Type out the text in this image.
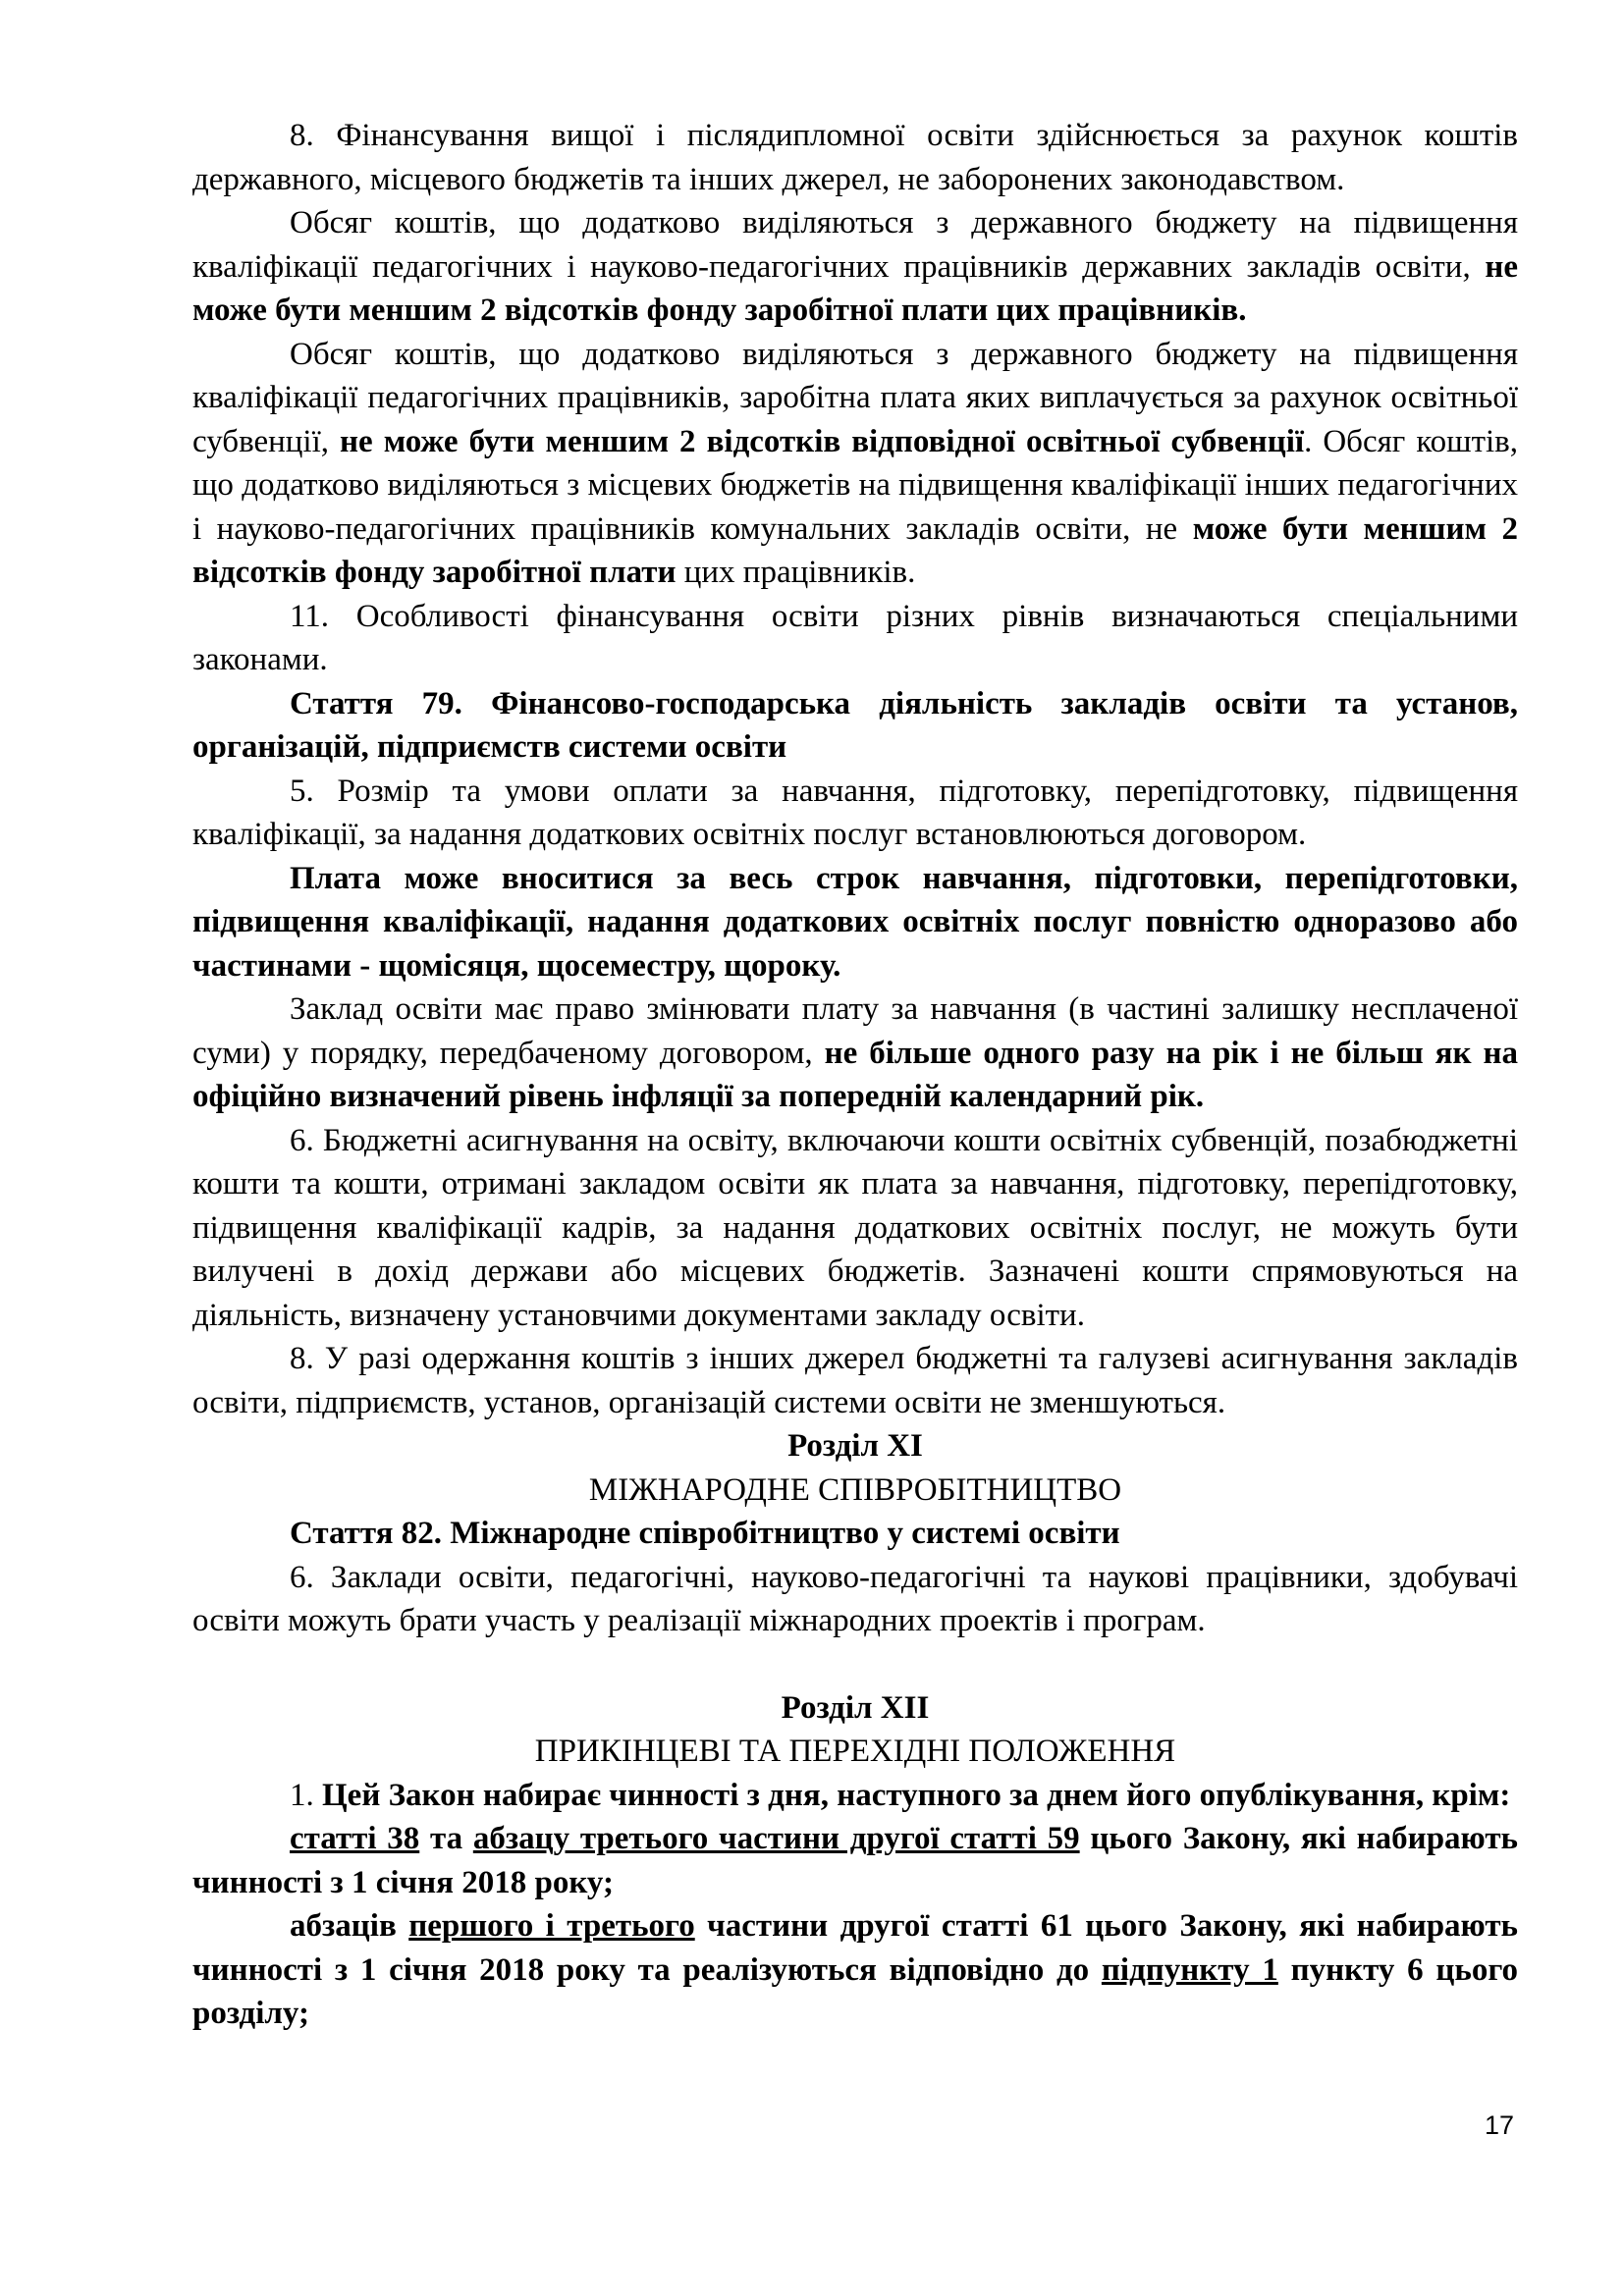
8. Фінансування вищої і післядипломної освіти здійснюється за рахунок коштів державного, місцевого бюджетів та інших джерел, не заборонених законодавством.

Обсяг коштів, що додатково виділяються з державного бюджету на підвищення кваліфікації педагогічних і науково-педагогічних працівників державних закладів освіти, не може бути меншим 2 відсотків фонду заробітної плати цих працівників.

Обсяг коштів, що додатково виділяються з державного бюджету на підвищення кваліфікації педагогічних працівників, заробітна плата яких виплачується за рахунок освітньої субвенції, не може бути меншим 2 відсотків відповідної освітньої субвенції. Обсяг коштів, що додатково виділяються з місцевих бюджетів на підвищення кваліфікації інших педагогічних і науково-педагогічних працівників комунальних закладів освіти, не може бути меншим 2 відсотків фонду заробітної плати цих працівників.

11. Особливості фінансування освіти різних рівнів визначаються спеціальними законами.

Стаття 79. Фінансово-господарська діяльність закладів освіти та установ, організацій, підприємств системи освіти

5. Розмір та умови оплати за навчання, підготовку, перепідготовку, підвищення кваліфікації, за надання додаткових освітніх послуг встановлюються договором.

Плата може вноситися за весь строк навчання, підготовки, перепідготовки, підвищення кваліфікації, надання додаткових освітніх послуг повністю одноразово або частинами - щомісяця, щосеместру, щороку.

Заклад освіти має право змінювати плату за навчання (в частині залишку несплаченої суми) у порядку, передбаченому договором, не більше одного разу на рік і не більш як на офіційно визначений рівень інфляції за попередній календарний рік.

6. Бюджетні асигнування на освіту, включаючи кошти освітніх субвенцій, позабюджетні кошти та кошти, отримані закладом освіти як плата за навчання, підготовку, перепідготовку, підвищення кваліфікації кадрів, за надання додаткових освітніх послуг, не можуть бути вилучені в дохід держави або місцевих бюджетів. Зазначені кошти спрямовуються на діяльність, визначену установчими документами закладу освіти.

8. У разі одержання коштів з інших джерел бюджетні та галузеві асигнування закладів освіти, підприємств, установ, організацій системи освіти не зменшуються.

Розділ XI

МІЖНАРОДНЕ СПІВРОБІТНИЦТВО

Стаття 82. Міжнародне співробітництво у системі освіти

6. Заклади освіти, педагогічні, науково-педагогічні та наукові працівники, здобувачі освіти можуть брати участь у реалізації міжнародних проектів і програм.

Розділ XII

ПРИКІНЦЕВІ ТА ПЕРЕХІДНІ ПОЛОЖЕННЯ

1. Цей Закон набирає чинності з дня, наступного за днем його опублікування, крім:

статті 38 та абзацу третього частини другої статті 59 цього Закону, які набирають чинності з 1 січня 2018 року;

абзаців першого і третього частини другої статті 61 цього Закону, які набирають чинності з 1 січня 2018 року та реалізуються відповідно до підпункту 1 пункту 6 цього розділу;

17
